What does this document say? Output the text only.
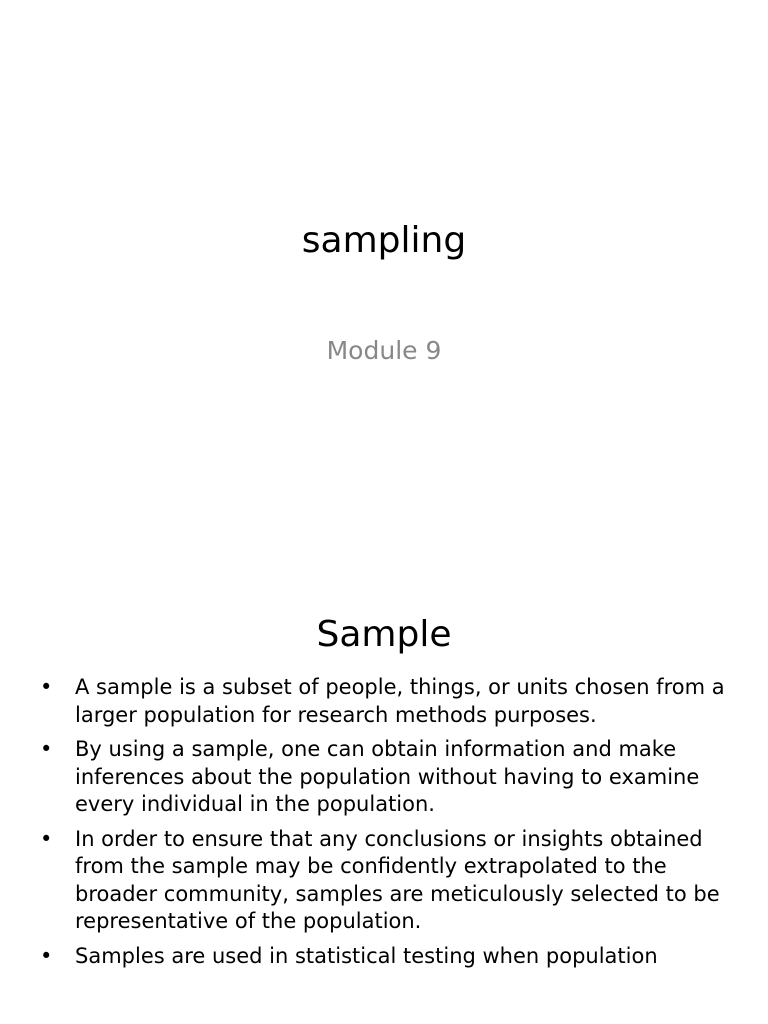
sampling

Module 9

Sample
• A sample is a subset of people, things, or units chosen from a larger population for research methods purposes.
• By using a sample, one can obtain information and make inferences about the population without having to examine every individual in the population.
• In order to ensure that any conclusions or insights obtained from the sample may be confidently extrapolated to the broader community, samples are meticulously selected to be representative of the population.
• Samples are used in statistical testing when population
